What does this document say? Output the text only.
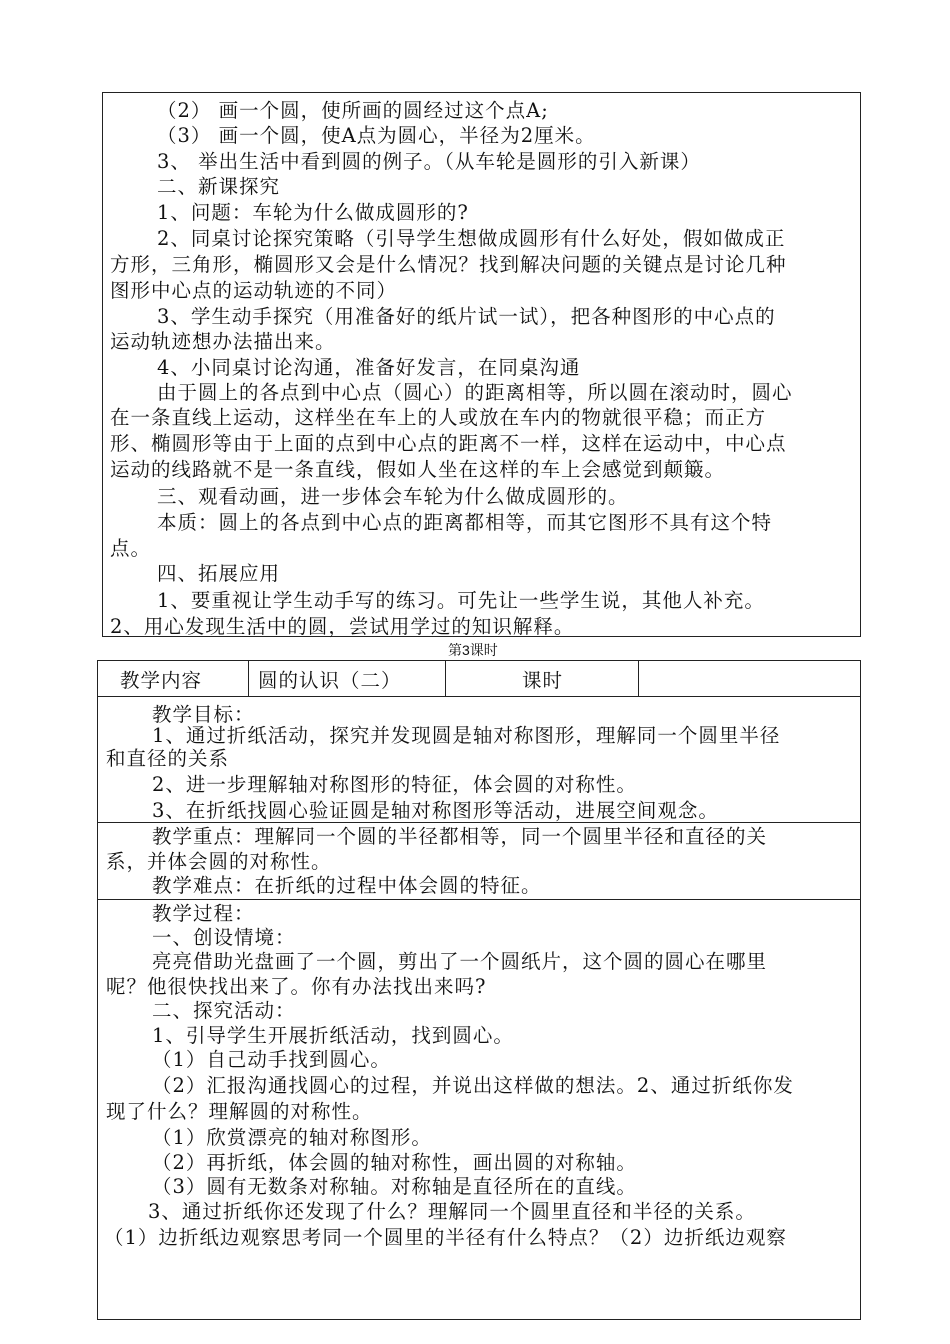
（2） 画一个圆，使所画的圆经过这个点A;
（3） 画一个圆，使A点为圆心，半径为2厘米。
3、 举出生活中看到圆的例子。（从车轮是圆形的引入新课）
二、新课探究
1、问题：车轮为什么做成圆形的?
2、同桌讨论探究策略（引导学生想做成圆形有什么好处，假如做成正
方形，三角形，椭圆形又会是什么情况？找到解决问题的关键点是讨论几种
图形中心点的运动轨迹的不同）
3、学生动手探究（用准备好的纸片试一试），把各种图形的中心点的
运动轨迹想办法描出来。
4、小同桌讨论沟通，准备好发言，在同桌沟通
由于圆上的各点到中心点（圆心）的距离相等，所以圆在滚动时，圆心
在一条直线上运动，这样坐在车上的人或放在车内的物就很平稳；而正方
形、椭圆形等由于上面的点到中心点的距离不一样，这样在运动中，中心点
运动的线路就不是一条直线，假如人坐在这样的车上会感觉到颠簸。
三、观看动画，进一步体会车轮为什么做成圆形的。
本质：圆上的各点到中心点的距离都相等，而其它图形不具有这个特
点。
四、拓展应用
1、要重视让学生动手写的练习。可先让一些学生说，其他人补充。
2、用心发现生活中的圆，尝试用学过的知识解释。
第3课时
教学内容	圆的认识（二）	课时
教学目标：
1、通过折纸活动，探究并发现圆是轴对称图形，理解同一个圆里半径
和直径的关系
2、进一步理解轴对称图形的特征，体会圆的对称性。
3、在折纸找圆心验证圆是轴对称图形等活动，进展空间观念。
教学重点：理解同一个圆的半径都相等，同一个圆里半径和直径的关
系，并体会圆的对称性。
教学难点：在折纸的过程中体会圆的特征。
教学过程：
一、创设情境：
亮亮借助光盘画了一个圆，剪出了一个圆纸片，这个圆的圆心在哪里
呢？他很快找出来了。你有办法找出来吗?
二、探究活动：
1、引导学生开展折纸活动，找到圆心。
（1）自己动手找到圆心。
（2）汇报沟通找圆心的过程，并说出这样做的想法。2、通过折纸你发
现了什么？理解圆的对称性。
（1）欣赏漂亮的轴对称图形。
（2）再折纸，体会圆的轴对称性，画出圆的对称轴。
（3）圆有无数条对称轴。对称轴是直径所在的直线。
3、通过折纸你还发现了什么？理解同一个圆里直径和半径的关系。
（1）边折纸边观察思考同一个圆里的半径有什么特点？（2）边折纸边观察
